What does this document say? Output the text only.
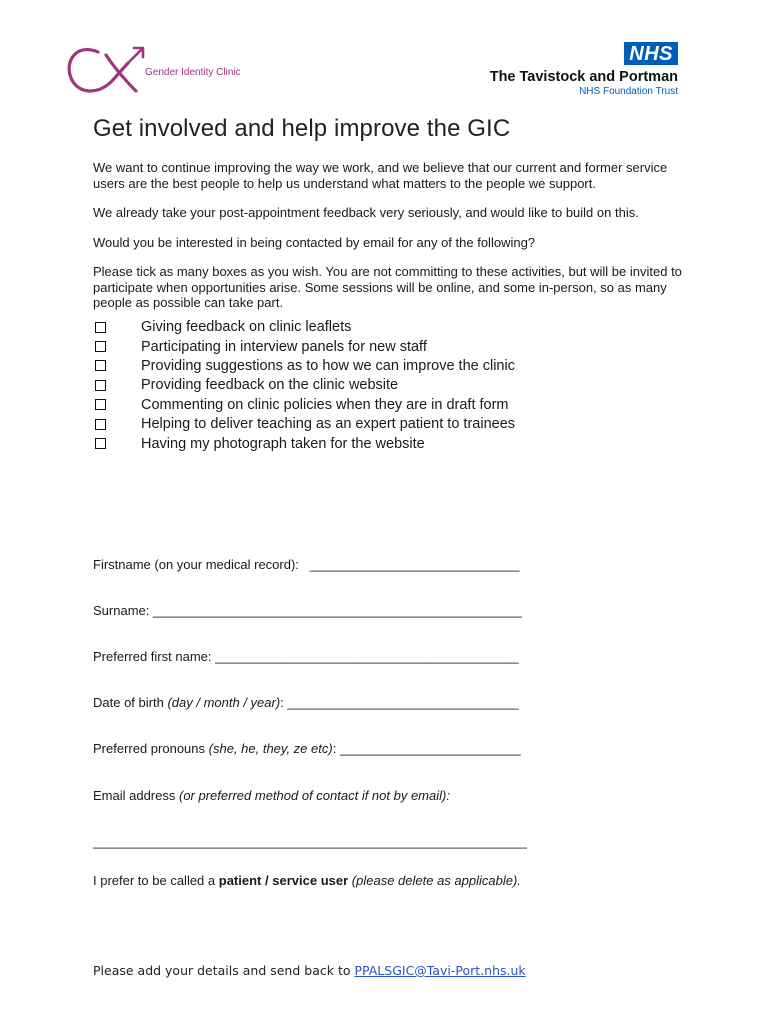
Gender Identity Clinic
NHS
The Tavistock and Portman
NHS Foundation Trust
Get involved and help improve the GIC

We want to continue improving the way we work, and we believe that our current and former service users are the best people to help us understand what matters to the people we support.

We already take your post-appointment feedback very seriously, and would like to build on this.

Would you be interested in being contacted by email for any of the following?

Please tick as many boxes as you wish. You are not committing to these activities, but will be invited to participate when opportunities arise. Some sessions will be online, and some in-person, so as many people as possible can take part.

Giving feedback on clinic leaflets
Participating in interview panels for new staff
Providing suggestions as to how we can improve the clinic
Providing feedback on the clinic website
Commenting on clinic policies when they are in draft form
Helping to deliver teaching as an expert patient to trainees
Having my photograph taken for the website
Firstname (on your medical record): _____________________________
Surname: ___________________________________________________
Preferred first name: __________________________________________
Date of birth (day / month / year): ________________________________
Preferred pronouns (she, he, they, ze etc): _________________________
Email address (or preferred method of contact if not by email):
____________________________________________________________
I prefer to be called a patient / service user (please delete as applicable).
Please add your details and send back to PPALSGIC@Tavi-Port.nhs.uk
